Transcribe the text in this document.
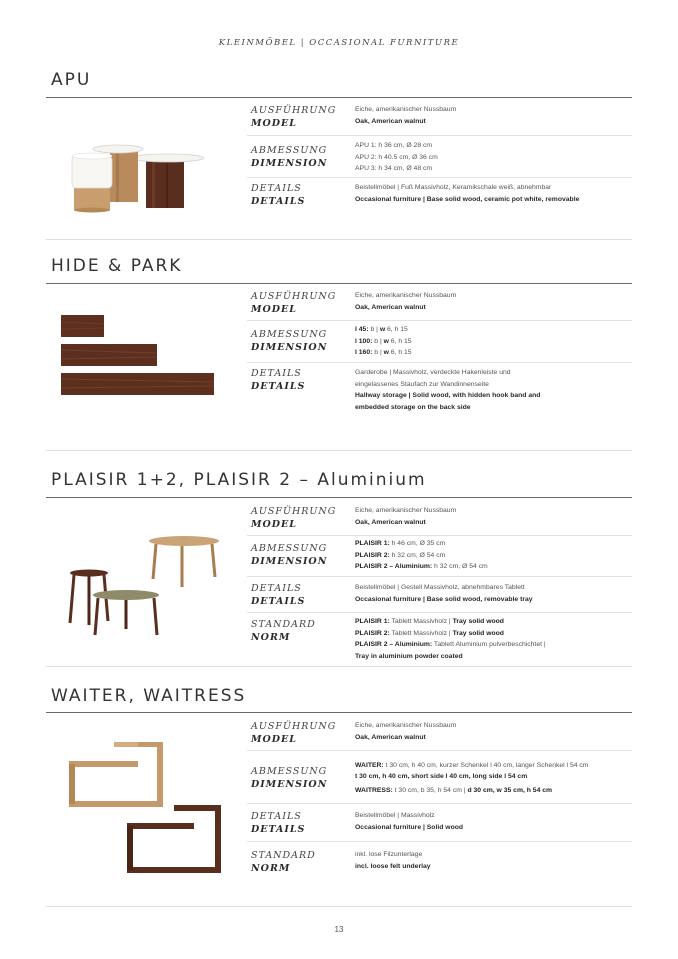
KLEINMÖBEL | OCCASIONAL FURNITURE
APU
AUSFÜHRUNG
MODEL
Eiche, amerikanischer Nussbaum
Oak, American walnut
ABMESSUNG
DIMENSION
APU 1: h 36 cm, Ø 28 cm
APU 2: h 40.5 cm, Ø 36 cm
APU 3: h 34 cm, Ø 48 cm
DETAILS
DETAILS
Beistellmöbel | Fuß Massivholz, Keramikschale weiß, abnehmbar
Occasional furniture | Base solid wood, ceramic pot white, removable
HIDE & PARK
AUSFÜHRUNG
MODEL
Eiche, amerikanischer Nussbaum
Oak, American walnut
ABMESSUNG
DIMENSION
l 45: b | w 6, h 15
l 100: b | w 6, h 15
l 160: b | w 6, h 15
DETAILS
DETAILS
Garderobe | Massivholz, verdeckte Hakenleiste und
eingelassenes Staufach zur Wandinnenseite
Hallway storage | Solid wood, with hidden hook band and
embedded storage on the back side
PLAISIR 1+2, PLAISIR 2 – Aluminium
AUSFÜHRUNG
MODEL
Eiche, amerikanischer Nussbaum
Oak, American walnut
ABMESSUNG
DIMENSION
PLAISIR 1: h 46 cm, Ø 35 cm
PLAISIR 2: h 32 cm, Ø 54 cm
PLAISIR 2 – Aluminium: h 32 cm, Ø 54 cm
DETAILS
DETAILS
Beistellmöbel | Gestell Massivholz, abnehmbares Tablett
Occasional furniture | Base solid wood, removable tray
STANDARD
NORM
PLAISIR 1: Tablett Massivholz | Tray solid wood
PLAISIR 2: Tablett Massivholz | Tray solid wood
PLAISIR 2 – Aluminium: Tablett Aluminium pulverbeschichtet |
Tray in aluminium powder coated
WAITER, WAITRESS
AUSFÜHRUNG
MODEL
Eiche, amerikanischer Nussbaum
Oak, American walnut
ABMESSUNG
DIMENSION
WAITER: t 30 cm, h 40 cm, kurzer Schenkel l 40 cm, langer Schenkel l 54 cm
t 30 cm, h 40 cm, short side l 40 cm, long side l 54 cm
WAITRESS: t 30 cm, b 35, h 54 cm | d 30 cm, w 35 cm, h 54 cm
DETAILS
DETAILS
Beistellmöbel | Massivholz
Occasional furniture | Solid wood
STANDARD
NORM
inkl. lose Filzunterlage
incl. loose felt underlay
13
